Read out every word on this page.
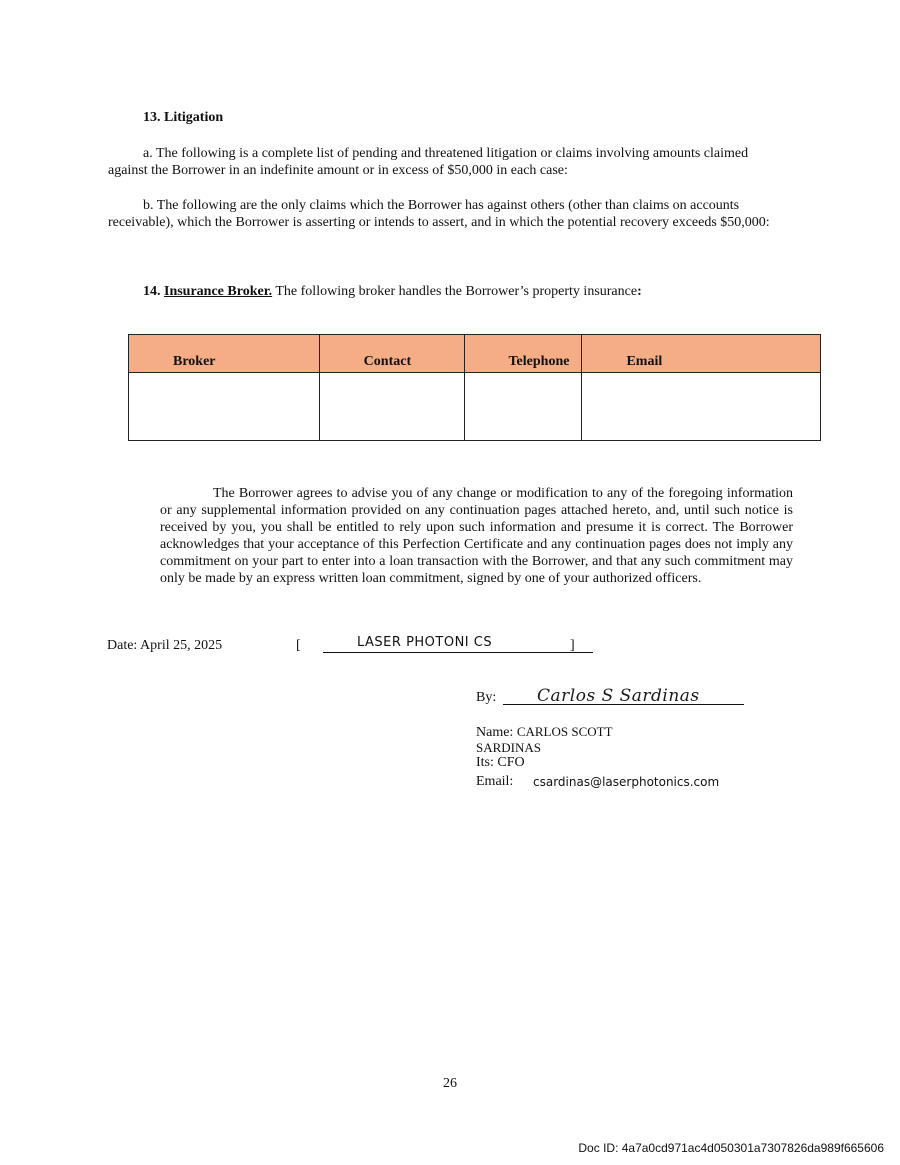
13. Litigation
a. The following is a complete list of pending and threatened litigation or claims involving amounts claimed
against the Borrower in an indefinite amount or in excess of $50,000 in each case:
b. The following are the only claims which the Borrower has against others (other than claims on accounts
receivable), which the Borrower is asserting or intends to assert, and in which the potential recovery exceeds $50,000:
14. Insurance Broker. The following broker handles the Borrower’s property insurance:
Broker	Contact	Telephone	Email

The Borrower agrees to advise you of any change or modification to any of the foregoing information or any supplemental information provided on any continuation pages attached hereto, and, until such notice is received by you, you shall be entitled to rely upon such information and presume it is correct. The Borrower acknowledges that your acceptance of this Perfection Certificate and any continuation pages does not imply any commitment on your part to enter into a loan transaction with the Borrower, and that any such commitment may only be made by an express written loan commitment, signed by one of your authorized officers.
Date: April 25, 2025	[	LASER PHOTONI CS	]
By: Carlos S Sardinas
Name: CARLOS SCOTT
SARDINAS
Its: CFO
Email: csardinas@laserphotonics.com
26
Doc ID: 4a7a0cd971ac4d050301a7307826da989f665606
